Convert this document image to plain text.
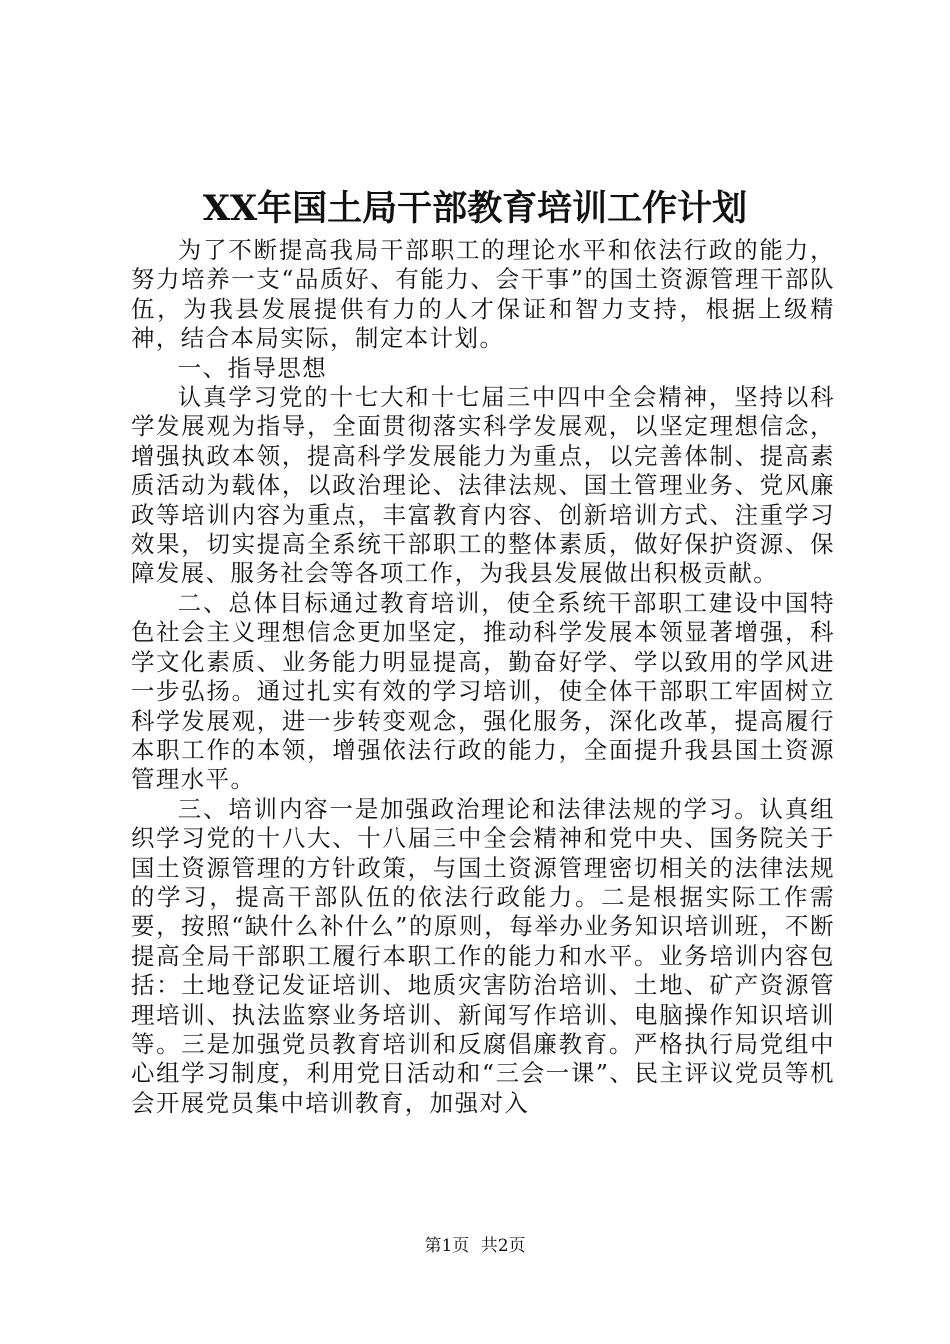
XX年国土局干部教育培训工作计划

为了不断提高我局干部职工的理论水平和依法行政的能力，努力培养一支“品质好、有能力、会干事”的国土资源管理干部队伍，为我县发展提供有力的人才保证和智力支持，根据上级精神，结合本局实际，制定本计划。

一、指导思想

认真学习党的十七大和十七届三中四中全会精神，坚持以科学发展观为指导，全面贯彻落实科学发展观，以坚定理想信念，增强执政本领，提高科学发展能力为重点，以完善体制、提高素质活动为载体，以政治理论、法律法规、国土管理业务、党风廉政等培训内容为重点，丰富教育内容、创新培训方式、注重学习效果，切实提高全系统干部职工的整体素质，做好保护资源、保障发展、服务社会等各项工作，为我县发展做出积极贡献。

二、总体目标通过教育培训，使全系统干部职工建设中国特色社会主义理想信念更加坚定，推动科学发展本领显著增强，科学文化素质、业务能力明显提高，勤奋好学、学以致用的学风进一步弘扬。通过扎实有效的学习培训，使全体干部职工牢固树立科学发展观，进一步转变观念，强化服务，深化改革，提高履行本职工作的本领，增强依法行政的能力，全面提升我县国土资源管理水平。

三、培训内容一是加强政治理论和法律法规的学习。认真组织学习党的十八大、十八届三中全会精神和党中央、国务院关于国土资源管理的方针政策，与国土资源管理密切相关的法律法规的学习，提高干部队伍的依法行政能力。二是根据实际工作需要，按照“缺什么补什么”的原则，每举办业务知识培训班，不断提高全局干部职工履行本职工作的能力和水平。业务培训内容包括：土地登记发证培训、地质灾害防治培训、土地、矿产资源管理培训、执法监察业务培训、新闻写作培训、电脑操作知识培训等。三是加强党员教育培训和反腐倡廉教育。严格执行局党组中心组学习制度，利用党日活动和“三会一课”、民主评议党员等机会开展党员集中培训教育，加强对入

第1页 共2页
